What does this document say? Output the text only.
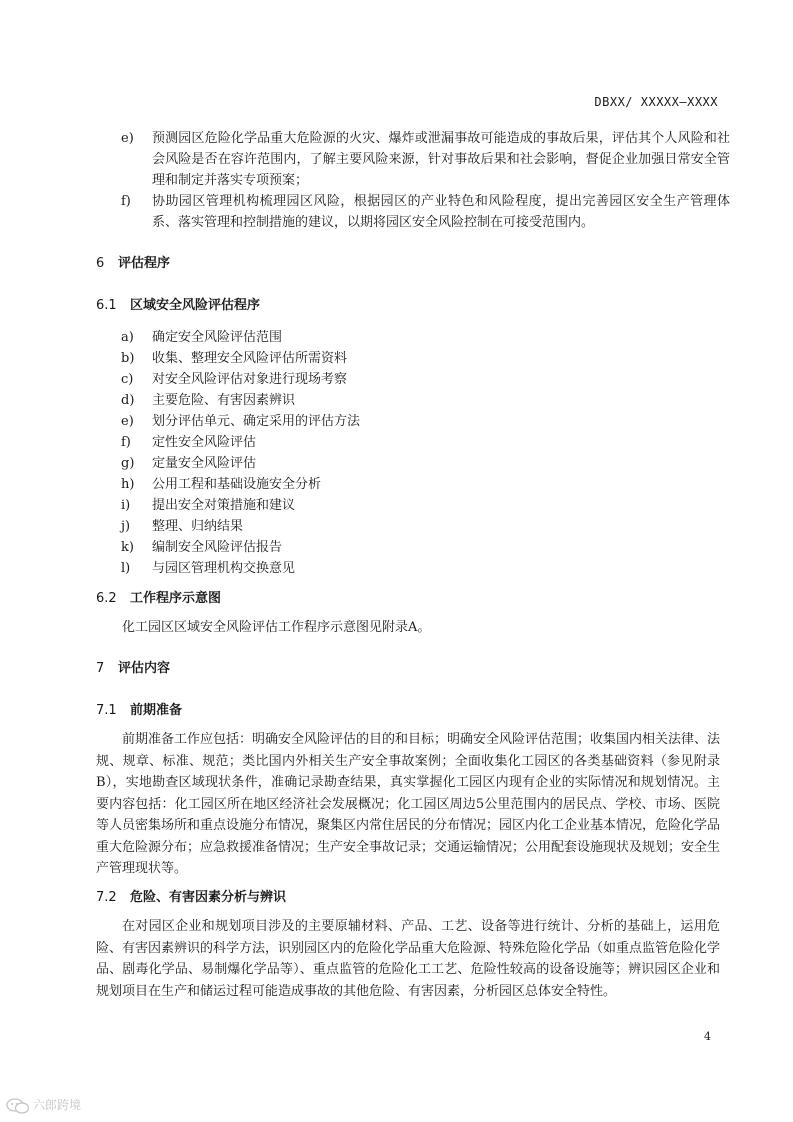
DBXX/ XXXXX—XXXX
e)	预测园区危险化学品重大危险源的火灾、爆炸或泄漏事故可能造成的事故后果，评估其个人风险和社会风险是否在容许范围内，了解主要风险来源，针对事故后果和社会影响，督促企业加强日常安全管理和制定并落实专项预案；
f)	协助园区管理机构梳理园区风险，根据园区的产业特色和风险程度，提出完善园区安全生产管理体系、落实管理和控制措施的建议，以期将园区安全风险控制在可接受范围内。
6 评估程序
6.1 区域安全风险评估程序
a) 确定安全风险评估范围
b) 收集、整理安全风险评估所需资料
c) 对安全风险评估对象进行现场考察
d) 主要危险、有害因素辨识
e) 划分评估单元、确定采用的评估方法
f) 定性安全风险评估
g) 定量安全风险评估
h) 公用工程和基础设施安全分析
i) 提出安全对策措施和建议
j) 整理、归纳结果
k) 编制安全风险评估报告
l) 与园区管理机构交换意见
6.2 工作程序示意图
化工园区区域安全风险评估工作程序示意图见附录A。
7 评估内容
7.1 前期准备
前期准备工作应包括：明确安全风险评估的目的和目标；明确安全风险评估范围；收集国内相关法律、法规、规章、标准、规范；类比国内外相关生产安全事故案例；全面收集化工园区的各类基础资料（参见附录B），实地勘查区域现状条件，准确记录勘查结果，真实掌握化工园区内现有企业的实际情况和规划情况。主要内容包括：化工园区所在地区经济社会发展概况；化工园区周边5公里范围内的居民点、学校、市场、医院等人员密集场所和重点设施分布情况，聚集区内常住居民的分布情况；园区内化工企业基本情况，危险化学品重大危险源分布；应急救援准备情况；生产安全事故记录；交通运输情况；公用配套设施现状及规划；安全生产管理现状等。
7.2 危险、有害因素分析与辨识
在对园区企业和规划项目涉及的主要原辅材料、产品、工艺、设备等进行统计、分析的基础上，运用危险、有害因素辨识的科学方法，识别园区内的危险化学品重大危险源、特殊危险化学品（如重点监管危险化学品、剧毒化学品、易制爆化学品等）、重点监管的危险化工工艺、危险性较高的设备设施等；辨识园区企业和规划项目在生产和储运过程可能造成事故的其他危险、有害因素，分析园区总体安全特性。
4
六郎跨境
